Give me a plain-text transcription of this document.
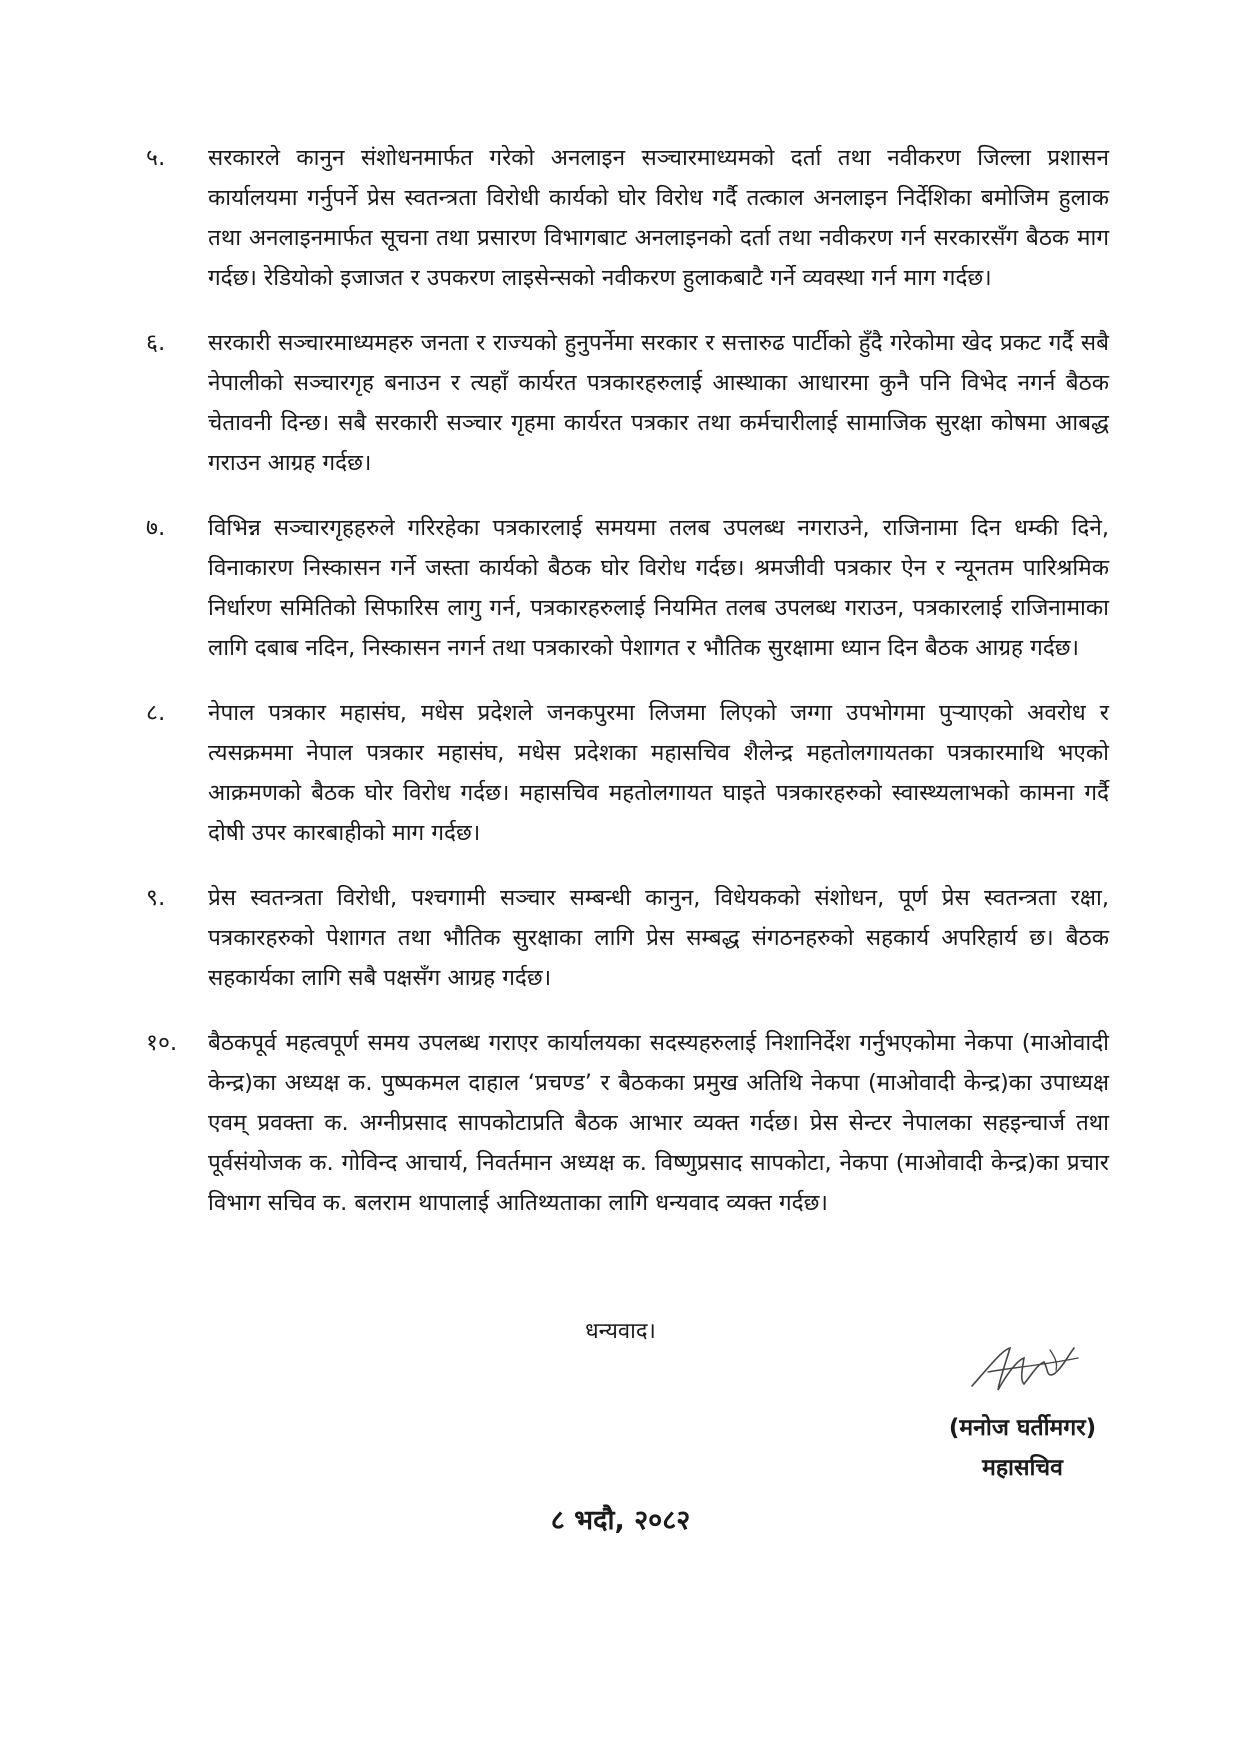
५.	सरकारले कानुन संशोधनमार्फत गरेको अनलाइन सञ्चारमाध्यमको दर्ता तथा नवीकरण जिल्ला प्रशासन कार्यालयमा गर्नुपर्ने प्रेस स्वतन्त्रता विरोधी कार्यको घोर विरोध गर्दै तत्काल अनलाइन निर्देशिका बमोजिम हुलाक तथा अनलाइनमार्फत सूचना तथा प्रसारण विभागबाट अनलाइनको दर्ता तथा नवीकरण गर्न सरकारसँग बैठक माग गर्दछ। रेडियोको इजाजत र उपकरण लाइसेन्सको नवीकरण हुलाकबाटै गर्ने व्यवस्था गर्न माग गर्दछ।
६.	सरकारी सञ्चारमाध्यमहरु जनता र राज्यको हुनुपर्नेमा सरकार र सत्तारुढ पार्टीको हुँदै गरेकोमा खेद प्रकट गर्दै सबै नेपालीको सञ्चारगृह बनाउन र त्यहाँ कार्यरत पत्रकारहरुलाई आस्थाका आधारमा कुनै पनि विभेद नगर्न बैठक चेतावनी दिन्छ। सबै सरकारी सञ्चार गृहमा कार्यरत पत्रकार तथा कर्मचारीलाई सामाजिक सुरक्षा कोषमा आबद्ध गराउन आग्रह गर्दछ।
७.	विभिन्न सञ्चारगृहहरुले गरिरहेका पत्रकारलाई समयमा तलब उपलब्ध नगराउने, राजिनामा दिन धम्की दिने, विनाकारण निस्कासन गर्ने जस्ता कार्यको बैठक घोर विरोध गर्दछ। श्रमजीवी पत्रकार ऐन र न्यूनतम पारिश्रमिक निर्धारण समितिको सिफारिस लागु गर्न, पत्रकारहरुलाई नियमित तलब उपलब्ध गराउन, पत्रकारलाई राजिनामाका लागि दबाब नदिन, निस्कासन नगर्न तथा पत्रकारको पेशागत र भौतिक सुरक्षामा ध्यान दिन बैठक आग्रह गर्दछ।
८.	नेपाल पत्रकार महासंघ, मधेस प्रदेशले जनकपुरमा लिजमा लिएको जग्गा उपभोगमा पुऱ्याएको अवरोध र त्यसक्रममा नेपाल पत्रकार महासंघ, मधेस प्रदेशका महासचिव शैलेन्द्र महतोलगायतका पत्रकारमाथि भएको आक्रमणको बैठक घोर विरोध गर्दछ। महासचिव महतोलगायत घाइते पत्रकारहरुको स्वास्थ्यलाभको कामना गर्दै दोषी उपर कारबाहीको माग गर्दछ।
९.	प्रेस स्वतन्त्रता विरोधी, पश्चगामी सञ्चार सम्बन्धी कानुन, विधेयकको संशोधन, पूर्ण प्रेस स्वतन्त्रता रक्षा, पत्रकारहरुको पेशागत तथा भौतिक सुरक्षाका लागि प्रेस सम्बद्ध संगठनहरुको सहकार्य अपरिहार्य छ। बैठक सहकार्यका लागि सबै पक्षसँग आग्रह गर्दछ।
१०.	बैठकपूर्व महत्वपूर्ण समय उपलब्ध गराएर कार्यालयका सदस्यहरुलाई निशानिर्देश गर्नुभएकोमा नेकपा (माओवादी केन्द्र)का अध्यक्ष क. पुष्पकमल दाहाल ‘प्रचण्ड’ र बैठकका प्रमुख अतिथि नेकपा (माओवादी केन्द्र)का उपाध्यक्ष एवम् प्रवक्ता क. अग्नीप्रसाद सापकोटाप्रति बैठक आभार व्यक्त गर्दछ। प्रेस सेन्टर नेपालका सहइन्चार्ज तथा पूर्वसंयोजक क. गोविन्द आचार्य, निवर्तमान अध्यक्ष क. विष्णुप्रसाद सापकोटा, नेकपा (माओवादी केन्द्र)का प्रचार विभाग सचिव क. बलराम थापालाई आतिथ्यताका लागि धन्यवाद व्यक्त गर्दछ।
धन्यवाद।
(मनोज घर्तीमगर)
महासचिव
८ भदौ, २०८२
